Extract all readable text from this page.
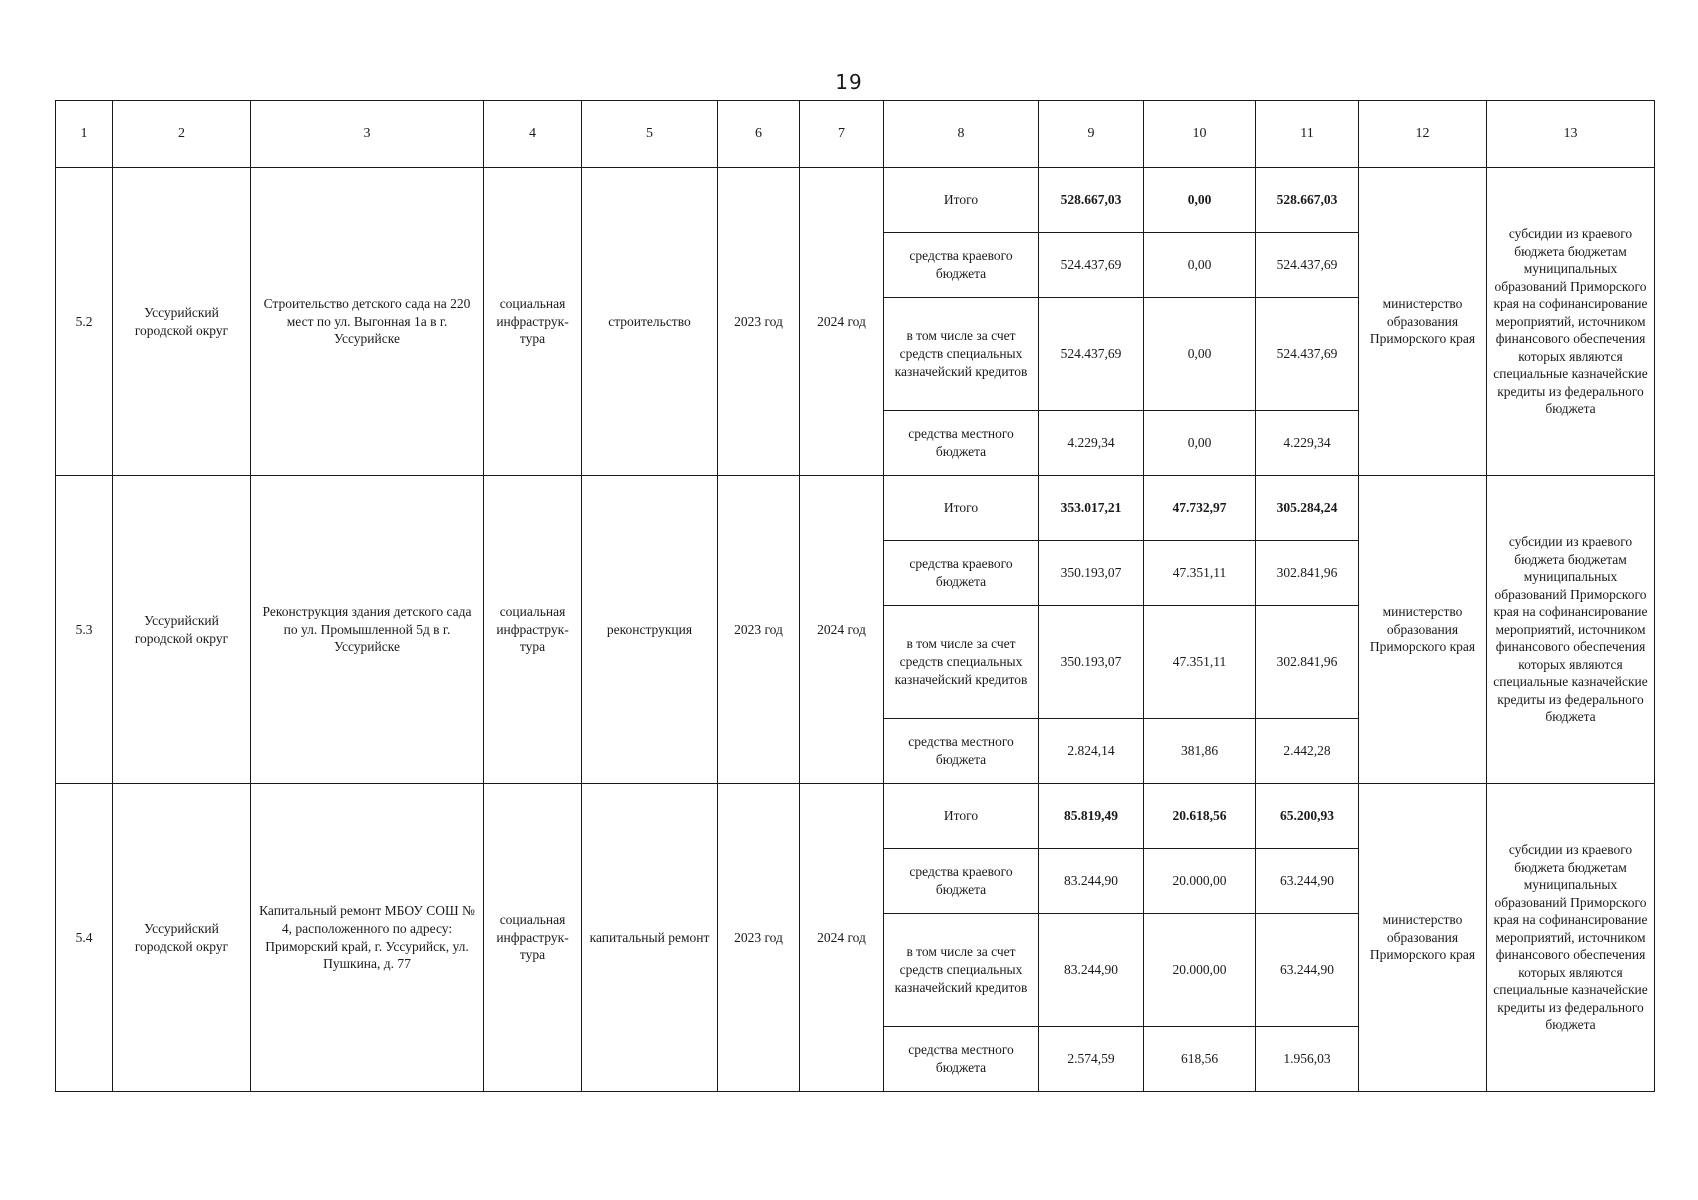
19
1	2	3	4	5	6	7	8	9	10	11	12	13
5.2	Уссурийский городской округ	Строительство детского сада на 220 мест по ул. Выгонная 1а в г. Уссурийске	социальная инфраструк-тура	строительство	2023 год	2024 год	Итого	528.667,03	0,00	528.667,03	министерство образования Приморского края	субсидии из краевого бюджета бюджетам муниципальных образований Приморского края на софинансирование мероприятий, источником финансового обеспечения которых являются специальные казначейские кредиты из федерального бюджета
							средства краевого бюджета	524.437,69	0,00	524.437,69		
							в том числе за счет средств специальных казначейский кредитов	524.437,69	0,00	524.437,69		
							средства местного бюджета	4.229,34	0,00	4.229,34		
5.3	Уссурийский городской округ	Реконструкция здания детского сада по ул. Промышленной 5д в г. Уссурийске	социальная инфраструк-тура	реконструкция	2023 год	2024 год	Итого	353.017,21	47.732,97	305.284,24	министерство образования Приморского края	субсидии из краевого бюджета бюджетам муниципальных образований Приморского края на софинансирование мероприятий, источником финансового обеспечения которых являются специальные казначейские кредиты из федерального бюджета
							средства краевого бюджета	350.193,07	47.351,11	302.841,96		
							в том числе за счет средств специальных казначейский кредитов	350.193,07	47.351,11	302.841,96		
							средства местного бюджета	2.824,14	381,86	2.442,28		
5.4	Уссурийский городской округ	Капитальный ремонт МБОУ СОШ № 4, расположенного по адресу: Приморский край, г. Уссурийск, ул. Пушкина, д. 77	социальная инфраструк-тура	капитальный ремонт	2023 год	2024 год	Итого	85.819,49	20.618,56	65.200,93	министерство образования Приморского края	субсидии из краевого бюджета бюджетам муниципальных образований Приморского края на софинансирование мероприятий, источником финансового обеспечения которых являются специальные казначейские кредиты из федерального бюджета
							средства краевого бюджета	83.244,90	20.000,00	63.244,90		
							в том числе за счет средств специальных казначейский кредитов	83.244,90	20.000,00	63.244,90		
							средства местного бюджета	2.574,59	618,56	1.956,03		
